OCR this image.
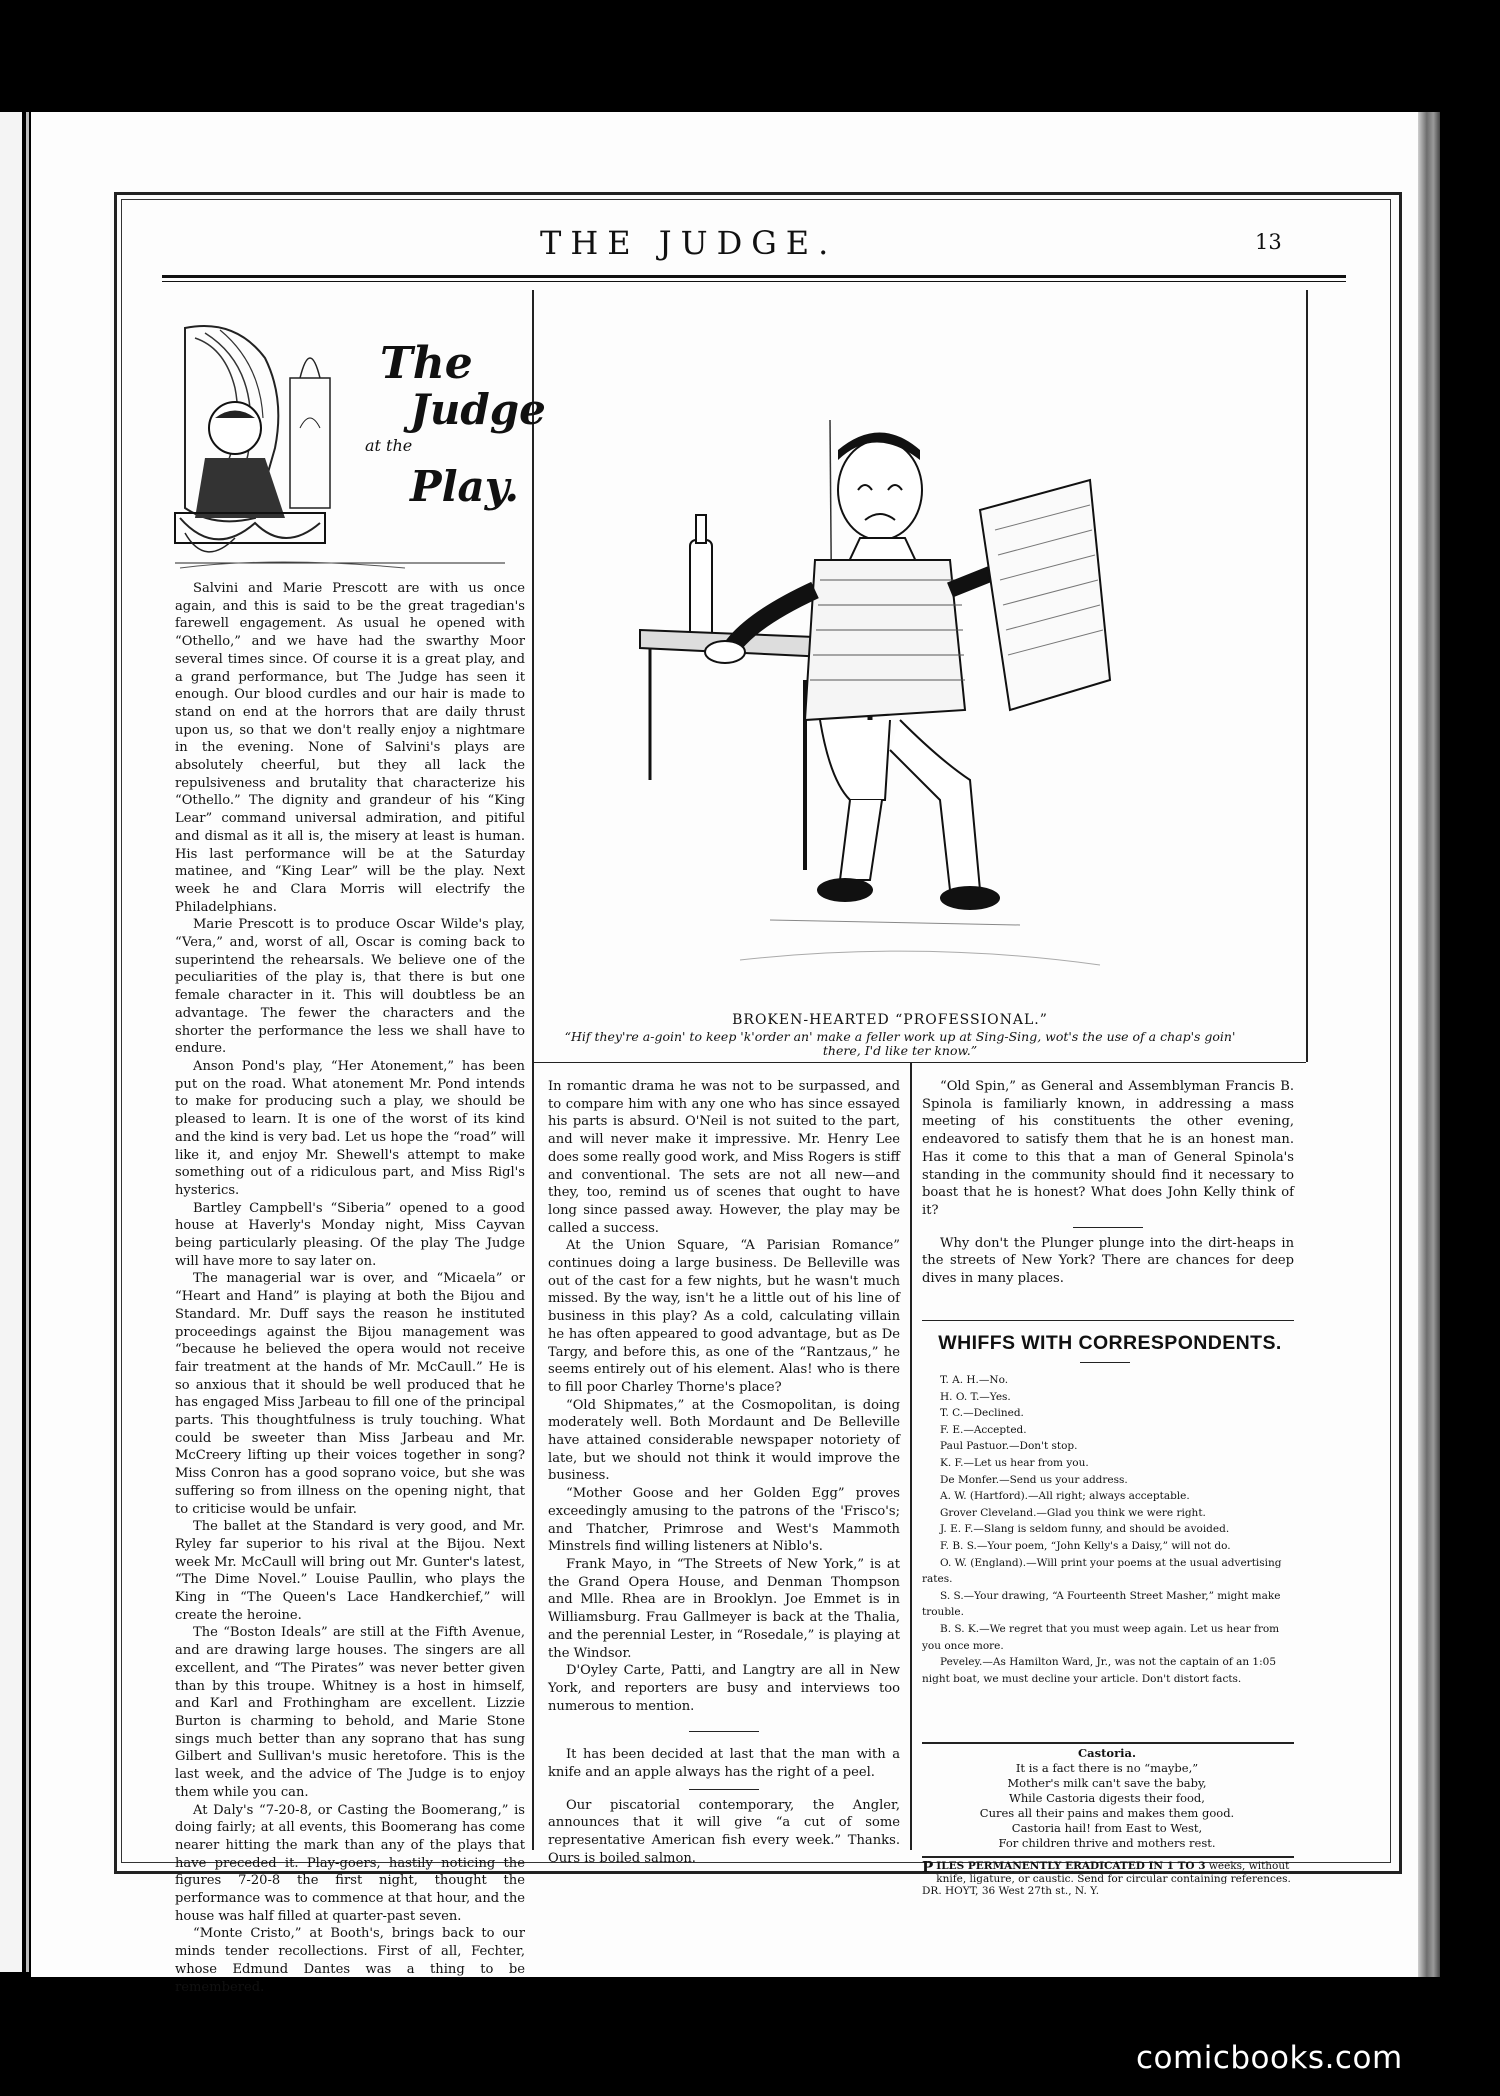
THE JUDGE.	13
The
Judge
at the
Play.

Salvini and Marie Prescott are with us once again, and this is said to be the great tragedian's farewell engagement. As usual he opened with “Othello,” and we have had the swarthy Moor several times since. Of course it is a great play, and a grand performance, but The Judge has seen it enough. Our blood curdles and our hair is made to stand on end at the horrors that are daily thrust upon us, so that we don't really enjoy a nightmare in the evening. None of Salvini's plays are absolutely cheerful, but they all lack the repulsiveness and brutality that characterize his “Othello.” The dignity and grandeur of his “King Lear” command universal admiration, and pitiful and dismal as it all is, the misery at least is human. His last performance will be at the Saturday matinee, and “King Lear” will be the play. Next week he and Clara Morris will electrify the Philadelphians.

Marie Prescott is to produce Oscar Wilde's play, “Vera,” and, worst of all, Oscar is coming back to superintend the rehearsals. We believe one of the peculiarities of the play is, that there is but one female character in it. This will doubtless be an advantage. The fewer the characters and the shorter the performance the less we shall have to endure.

Anson Pond's play, “Her Atonement,” has been put on the road. What atonement Mr. Pond intends to make for producing such a play, we should be pleased to learn. It is one of the worst of its kind and the kind is very bad. Let us hope the “road” will like it, and enjoy Mr. Shewell's attempt to make something out of a ridiculous part, and Miss Rigl's hysterics.

Bartley Campbell's “Siberia” opened to a good house at Haverly's Monday night, Miss Cayvan being particularly pleasing. Of the play The Judge will have more to say later on.

The managerial war is over, and “Micaela” or “Heart and Hand” is playing at both the Bijou and Standard. Mr. Duff says the reason he instituted proceedings against the Bijou management was “because he believed the opera would not receive fair treatment at the hands of Mr. McCaull.” He is so anxious that it should be well produced that he has engaged Miss Jarbeau to fill one of the principal parts. This thoughtfulness is truly touching. What could be sweeter than Miss Jarbeau and Mr. McCreery lifting up their voices together in song? Miss Conron has a good soprano voice, but she was suffering so from illness on the opening night, that to criticise would be unfair.

The ballet at the Standard is very good, and Mr. Ryley far superior to his rival at the Bijou. Next week Mr. McCaull will bring out Mr. Gunter's latest, “The Dime Novel.” Louise Paullin, who plays the King in “The Queen's Lace Handkerchief,” will create the heroine.

The “Boston Ideals” are still at the Fifth Avenue, and are drawing large houses. The singers are all excellent, and “The Pirates” was never better given than by this troupe. Whitney is a host in himself, and Karl and Frothingham are excellent. Lizzie Burton is charming to behold, and Marie Stone sings much better than any soprano that has sung Gilbert and Sullivan's music heretofore. This is the last week, and the advice of The Judge is to enjoy them while you can.

At Daly's “7-20-8, or Casting the Boomerang,” is doing fairly; at all events, this Boomerang has come nearer hitting the mark than any of the plays that have preceded it. Play-goers, hastily noticing the figures 7-20-8 the first night, thought the performance was to commence at that hour, and the house was half filled at quarter-past seven.

“Monte Cristo,” at Booth's, brings back to our minds tender recollections. First of all, Fechter, whose Edmund Dantes was a thing to be remembered.

BROKEN-HEARTED “PROFESSIONAL.”
“Hif they're a-goin' to keep 'k'order an' make a feller work up at Sing-Sing, wot's the use of a chap's goin' there, I'd like ter know.”

In romantic drama he was not to be surpassed, and to compare him with any one who has since essayed his parts is absurd. O'Neil is not suited to the part, and will never make it impressive. Mr. Henry Lee does some really good work, and Miss Rogers is stiff and conventional. The sets are not all new—and they, too, remind us of scenes that ought to have long since passed away. However, the play may be called a success.

At the Union Square, “A Parisian Romance” continues doing a large business. De Belleville was out of the cast for a few nights, but he wasn't much missed. By the way, isn't he a little out of his line of business in this play? As a cold, calculating villain he has often appeared to good advantage, but as De Targy, and before this, as one of the “Rantzaus,” he seems entirely out of his element. Alas! who is there to fill poor Charley Thorne's place?

“Old Shipmates,” at the Cosmopolitan, is doing moderately well. Both Mordaunt and De Belleville have attained considerable newspaper notoriety of late, but we should not think it would improve the business.

“Mother Goose and her Golden Egg” proves exceedingly amusing to the patrons of the 'Frisco's; and Thatcher, Primrose and West's Mammoth Minstrels find willing listeners at Niblo's.

Frank Mayo, in “The Streets of New York,” is at the Grand Opera House, and Denman Thompson and Mlle. Rhea are in Brooklyn. Joe Emmet is in Williamsburg. Frau Gallmeyer is back at the Thalia, and the perennial Lester, in “Rosedale,” is playing at the Windsor.

D'Oyley Carte, Patti, and Langtry are all in New York, and reporters are busy and interviews too numerous to mention.

It has been decided at last that the man with a knife and an apple always has the right of a peel.

Our piscatorial contemporary, the Angler, announces that it will give “a cut of some representative American fish every week.” Thanks. Ours is boiled salmon.

“Old Spin,” as General and Assemblyman Francis B. Spinola is familiarly known, in addressing a mass meeting of his constituents the other evening, endeavored to satisfy them that he is an honest man. Has it come to this that a man of General Spinola's standing in the community should find it necessary to boast that he is honest? What does John Kelly think of it?

Why don't the Plunger plunge into the dirt-heaps in the streets of New York? There are chances for deep dives in many places.

WHIFFS WITH CORRESPONDENTS.
T. A. H.—No.
H. O. T.—Yes.
T. C.—Declined.
F. E.—Accepted.
Paul Pastuor.—Don't stop.
K. F.—Let us hear from you.
De Monfer.—Send us your address.
A. W. (Hartford).—All right; always acceptable.
Grover Cleveland.—Glad you think we were right.
J. E. F.—Slang is seldom funny, and should be avoided.
F. B. S.—Your poem, “John Kelly's a Daisy,” will not do.
O. W. (England).—Will print your poems at the usual advertising rates.
S. S.—Your drawing, “A Fourteenth Street Masher,” might make trouble.
B. S. K.—We regret that you must weep again. Let us hear from you once more.
Peveley.—As Hamilton Ward, Jr., was not the captain of an 1:05 night boat, we must decline your article. Don't distort facts.
Castoria.
It is a fact there is no “maybe,”
Mother's milk can't save the baby,
While Castoria digests their food,
Cures all their pains and makes them good.
Castoria hail! from East to West,
For children thrive and mothers rest.
P ILES PERMANENTLY ERADICATED IN 1 TO 3 weeks, without knife, ligature, or caustic. Send for circular containing references. DR. HOYT, 36 West 27th st., N. Y.
comicbooks.com
